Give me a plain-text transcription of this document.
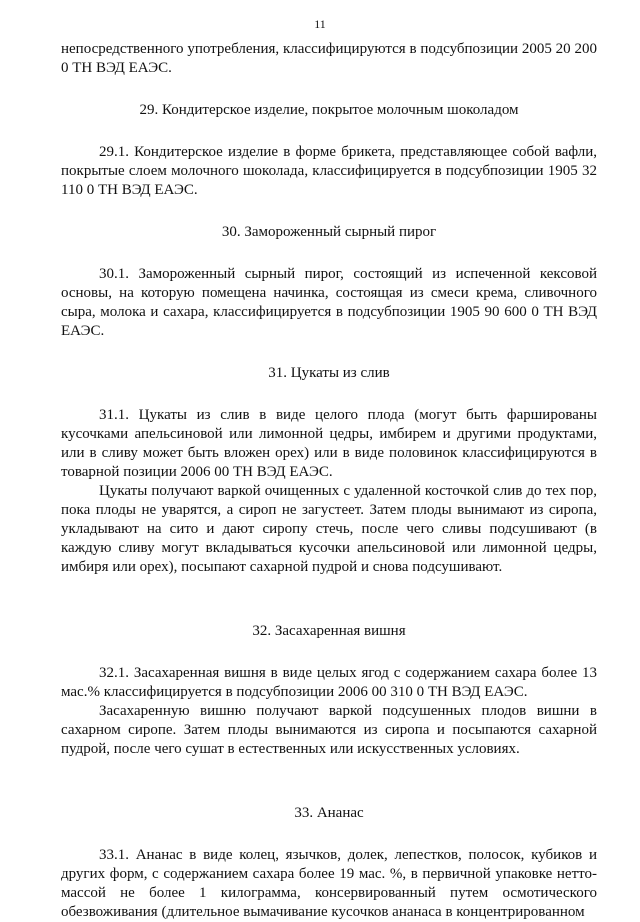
11

непосредственного употребления, классифицируются в подсубпозиции 2005 20 200 0 ТН ВЭД ЕАЭС.

29. Кондитерское изделие, покрытое молочным шоколадом

29.1. Кондитерское изделие в форме брикета, представляющее собой вафли, покрытые слоем молочного шоколада, классифицируется в подсубпозиции 1905 32 110 0 ТН ВЭД ЕАЭС.

30. Замороженный сырный пирог

30.1. Замороженный сырный пирог, состоящий из испеченной кексовой основы, на которую помещена начинка, состоящая из смеси крема, сливочного сыра, молока и сахара, классифицируется в подсубпозиции 1905 90 600 0 ТН ВЭД ЕАЭС.

31. Цукаты из слив

31.1. Цукаты из слив в виде целого плода (могут быть фаршированы кусочками апельсиновой или лимонной цедры, имбирем и другими продуктами, или в сливу может быть вложен орех) или в виде половинок классифицируются в товарной позиции 2006 00 ТН ВЭД ЕАЭС.

Цукаты получают варкой очищенных с удаленной косточкой слив до тех пор, пока плоды не уварятся, а сироп не загустеет. Затем плоды вынимают из сиропа, укладывают на сито и дают сиропу стечь, после чего сливы подсушивают (в каждую сливу могут вкладываться кусочки апельсиновой или лимонной цедры, имбиря или орех), посыпают сахарной пудрой и снова подсушивают.

32. Засахаренная вишня

32.1. Засахаренная вишня в виде целых ягод с содержанием сахара более 13 мас.% классифицируется в подсубпозиции 2006 00 310 0 ТН ВЭД ЕАЭС.

Засахаренную вишню получают варкой подсушенных плодов вишни в сахарном сиропе. Затем плоды вынимаются из сиропа и посыпаются сахарной пудрой, после чего сушат в естественных или искусственных условиях.

33. Ананас

33.1. Ананас в виде колец, язычков, долек, лепестков, полосок, кубиков и других форм, с содержанием сахара более 19 мас. %, в первичной упаковке нетто-массой не более 1 килограмма, консервированный путем осмотического обезвоживания (длительное вымачивание кусочков ананаса в концентрированном
